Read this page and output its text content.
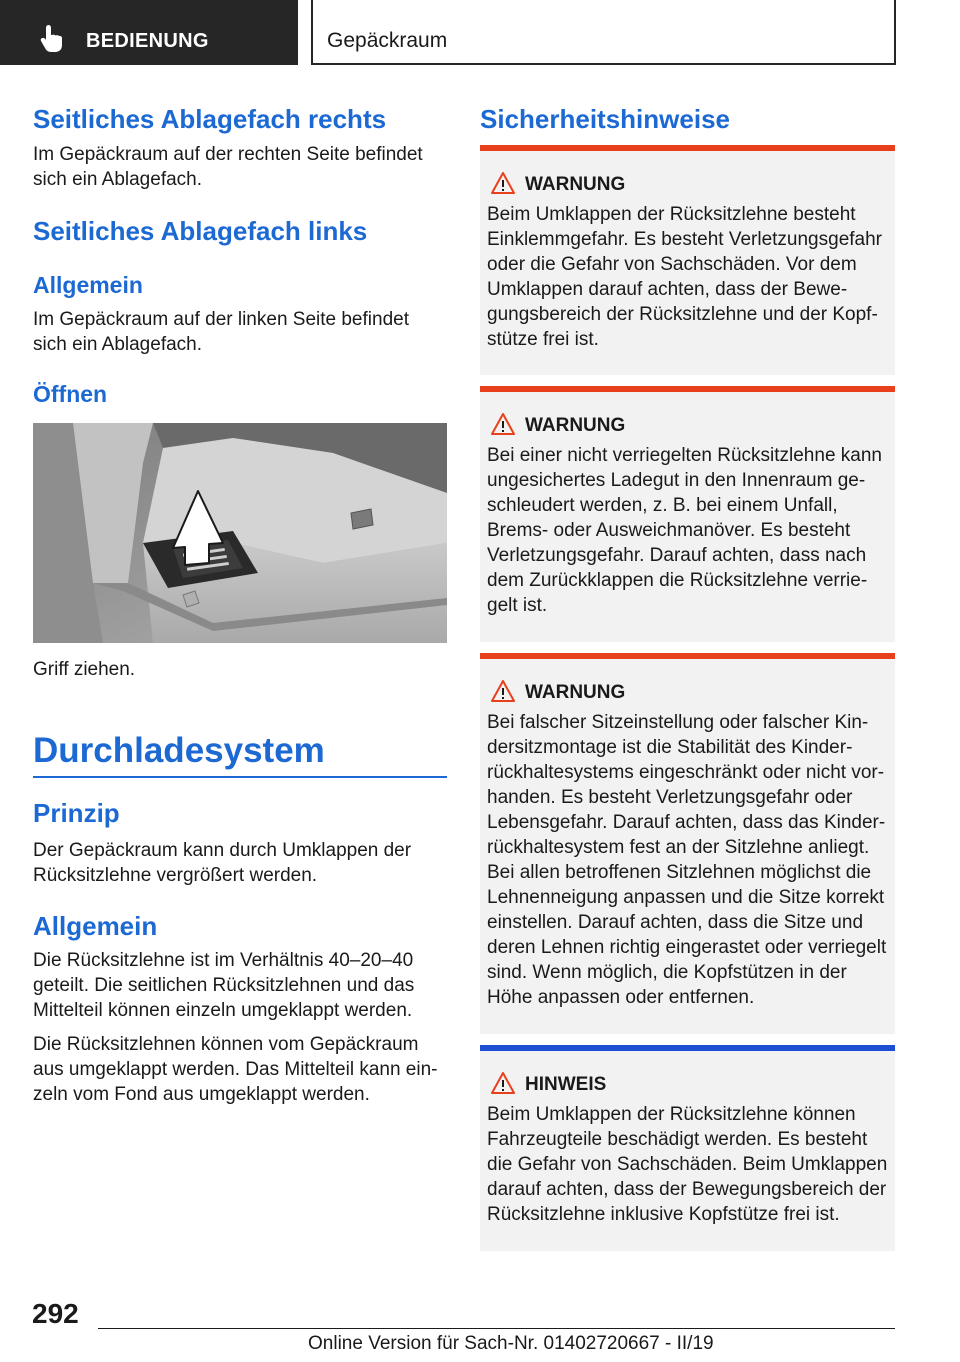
BEDIENUNG	Gepäckraum
Seitliches Ablagefach rechts
Im Gepäckraum auf der rechten Seite befindet sich ein Ablagefach.
Seitliches Ablagefach links
Allgemein
Im Gepäckraum auf der linken Seite befindet sich ein Ablagefach.
Öffnen
Griff ziehen.
Durchladesystem
Prinzip
Der Gepäckraum kann durch Umklappen der Rücksitzlehne vergrößert werden.
Allgemein
Die Rücksitzlehne ist im Verhältnis 40–20–40 geteilt. Die seitlichen Rücksitzlehnen und das Mittelteil können einzeln umgeklappt werden.
Die Rücksitzlehnen können vom Gepäckraum aus umgeklappt werden. Das Mittelteil kann ein-zeln vom Fond aus umgeklappt werden.
Sicherheitshinweise
WARNUNG
Beim Umklappen der Rücksitzlehne besteht Einklemmgefahr. Es besteht Verletzungsgefahr oder die Gefahr von Sachschäden. Vor dem Umklappen darauf achten, dass der Bewe-gungsbereich der Rücksitzlehne und der Kopf-stütze frei ist.
WARNUNG
Bei einer nicht verriegelten Rücksitzlehne kann ungesichertes Ladegut in den Innenraum ge-schleudert werden, z. B. bei einem Unfall, Brems- oder Ausweichmanöver. Es besteht Verletzungsgefahr. Darauf achten, dass nach dem Zurückklappen die Rücksitzlehne verrie-gelt ist.
WARNUNG
Bei falscher Sitzeinstellung oder falscher Kin-dersitzmontage ist die Stabilität des Kinder-rückhaltesystems eingeschränkt oder nicht vor-handen. Es besteht Verletzungsgefahr oder Lebensgefahr. Darauf achten, dass das Kinder-rückhaltesystem fest an der Sitzlehne anliegt. Bei allen betroffenen Sitzlehnen möglichst die Lehnenneigung anpassen und die Sitze korrekt einstellen. Darauf achten, dass die Sitze und deren Lehnen richtig eingerastet oder verriegelt sind. Wenn möglich, die Kopfstützen in der Höhe anpassen oder entfernen.
HINWEIS
Beim Umklappen der Rücksitzlehne können Fahrzeugteile beschädigt werden. Es besteht die Gefahr von Sachschäden. Beim Umklappen darauf achten, dass der Bewegungsbereich der Rücksitzlehne inklusive Kopfstütze frei ist.
292
Online Version für Sach-Nr. 01402720667 - II/19
